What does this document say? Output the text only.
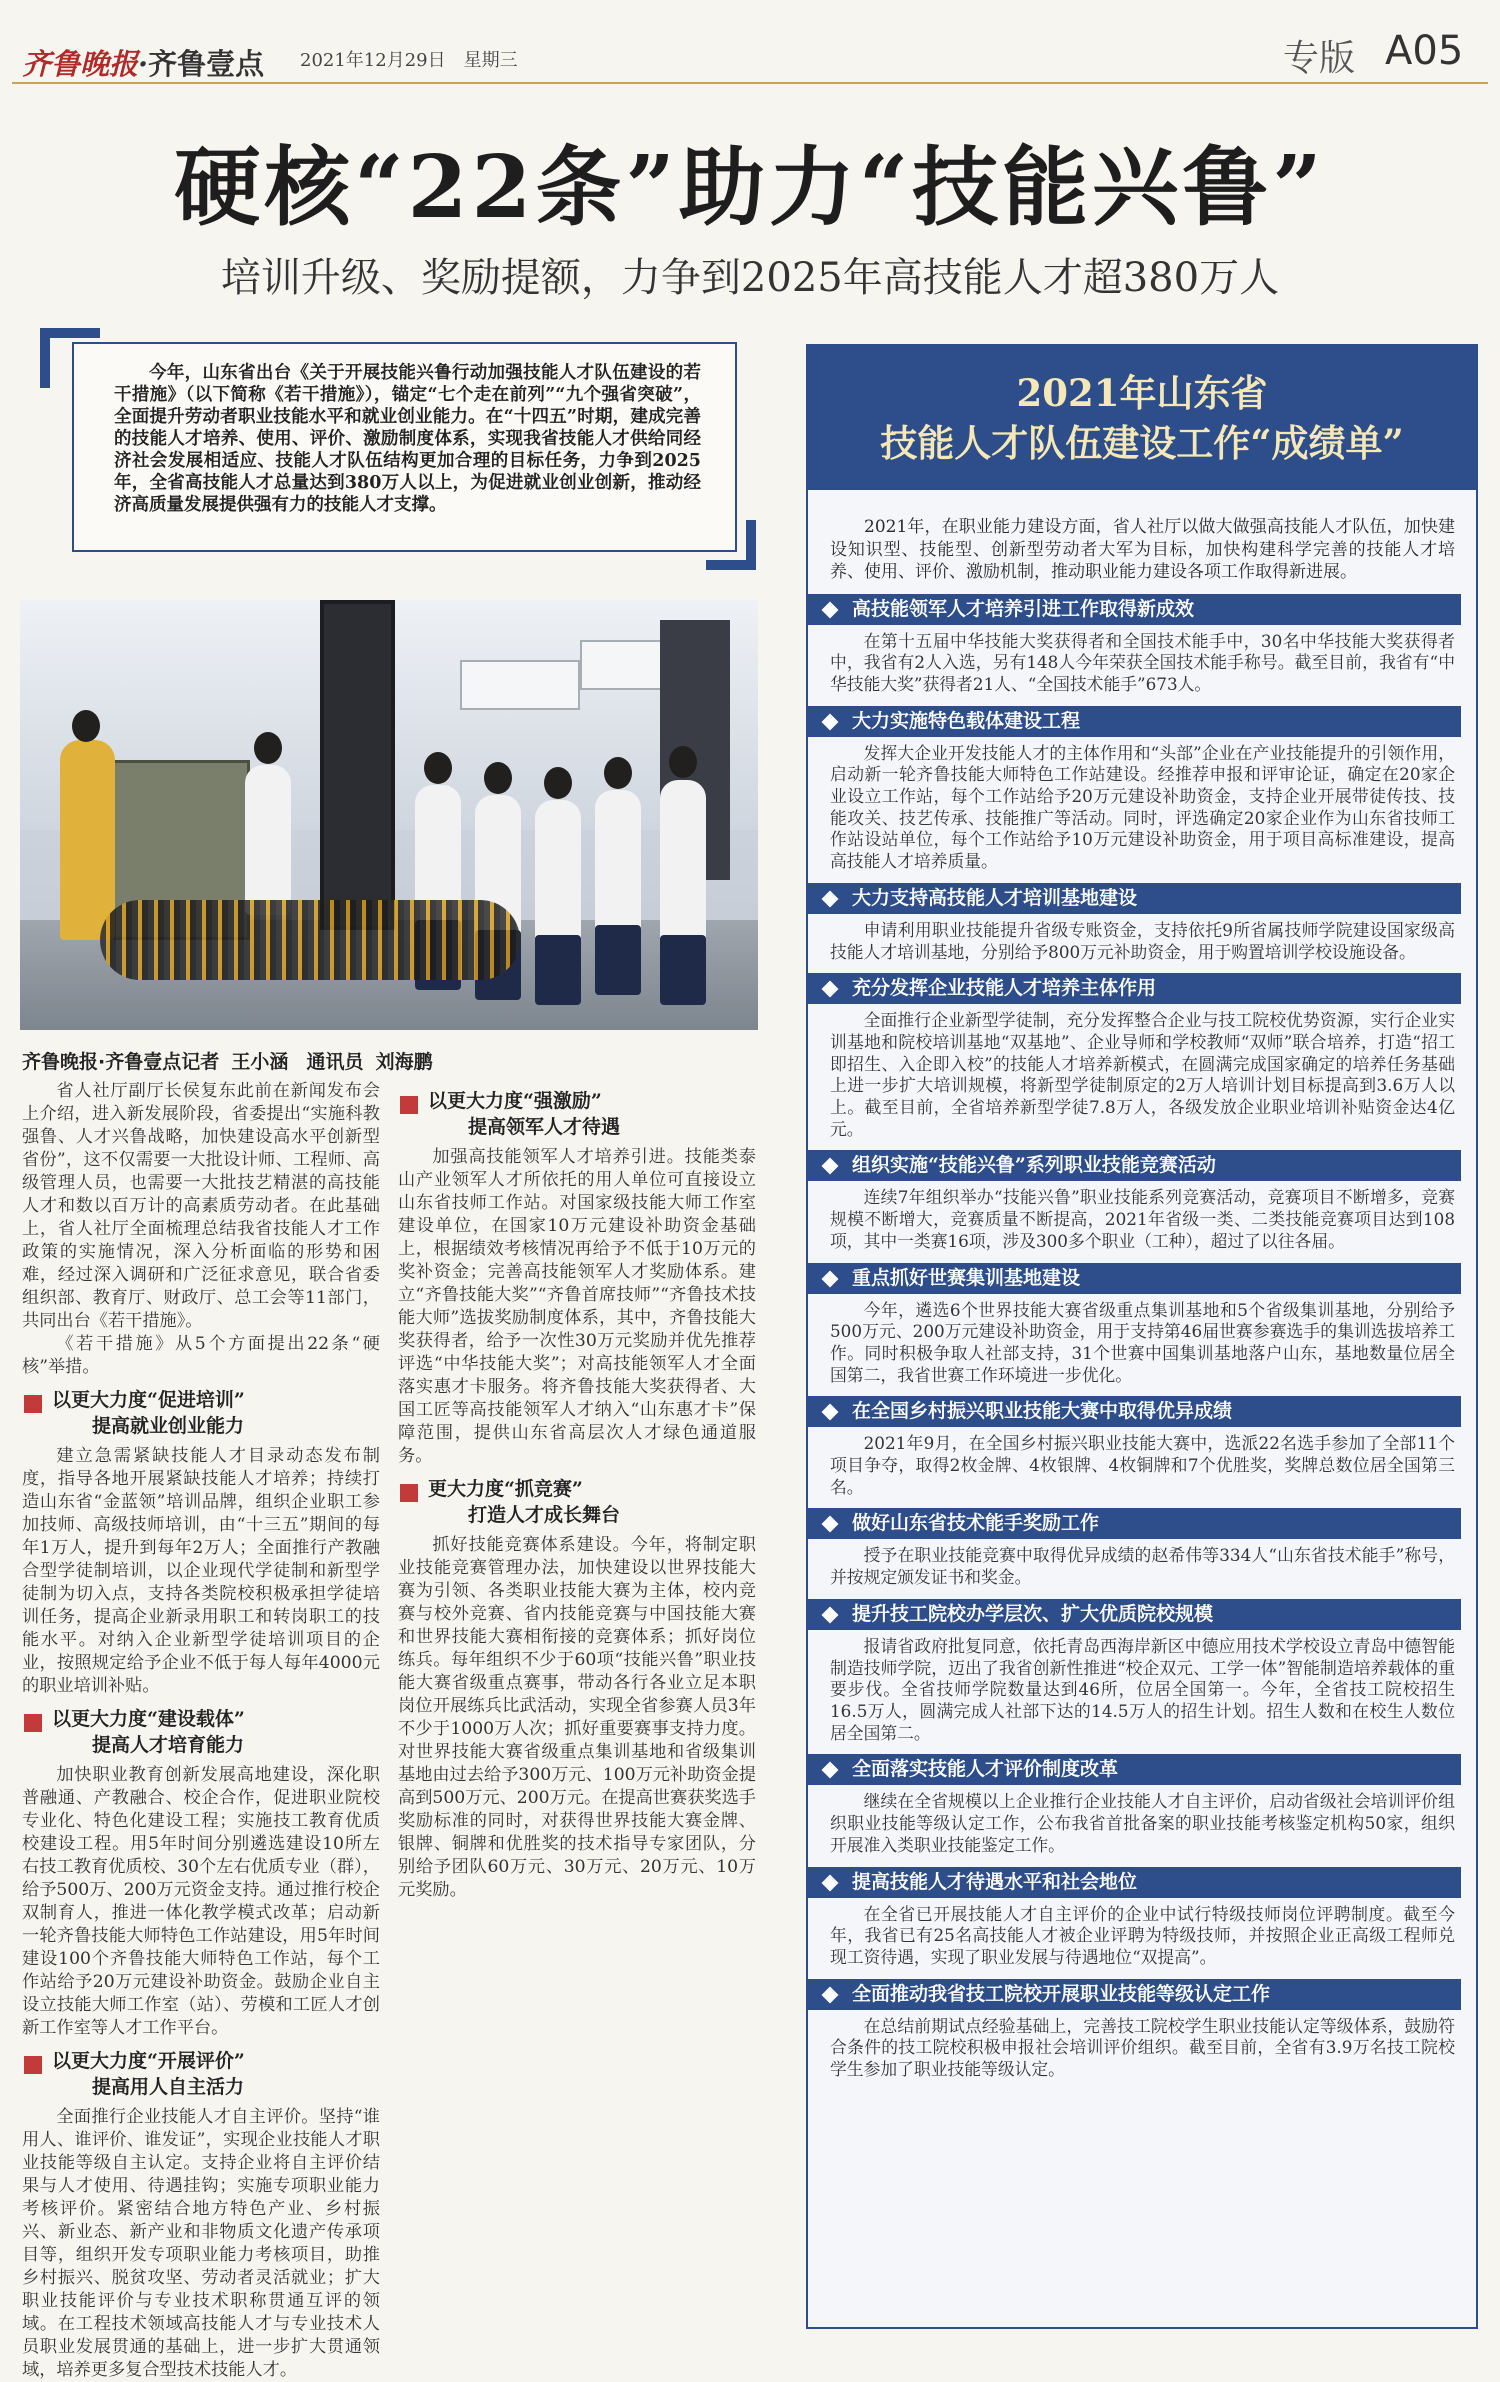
齐鲁晚报·齐鲁壹点 2021年12月29日　星期三	专版 A05
硬核“22条”助力“技能兴鲁”
培训升级、奖励提额，力争到2025年高技能人才超380万人

今年，山东省出台《关于开展技能兴鲁行动加强技能人才队伍建设的若干措施》（以下简称《若干措施》），锚定“七个走在前列”“九个强省突破”，全面提升劳动者职业技能水平和就业创业能力。在“十四五”时期，建成完善的技能人才培养、使用、评价、激励制度体系，实现我省技能人才供给同经济社会发展相适应、技能人才队伍结构更加合理的目标任务，力争到2025年，全省高技能人才总量达到380万人以上，为促进就业创业创新，推动经济高质量发展提供强有力的技能人才支撑。

齐鲁晚报·齐鲁壹点记者 王小涵 通讯员 刘海鹏

省人社厅副厅长侯复东此前在新闻发布会上介绍，进入新发展阶段，省委提出“实施科教强鲁、人才兴鲁战略，加快建设高水平创新型省份”，这不仅需要一大批设计师、工程师、高级管理人员，也需要一大批技艺精湛的高技能人才和数以百万计的高素质劳动者。在此基础上，省人社厅全面梳理总结我省技能人才工作政策的实施情况，深入分析面临的形势和困难，经过深入调研和广泛征求意见，联合省委组织部、教育厅、财政厅、总工会等11部门，共同出台《若干措施》。

《若干措施》从5个方面提出22条“硬核”举措。

以更大力度“促进培训”
提高就业创业能力

建立急需紧缺技能人才目录动态发布制度，指导各地开展紧缺技能人才培养；持续打造山东省“金蓝领”培训品牌，组织企业职工参加技师、高级技师培训，由“十三五”期间的每年1万人，提升到每年2万人；全面推行产教融合型学徒制培训，以企业现代学徒制和新型学徒制为切入点，支持各类院校积极承担学徒培训任务，提高企业新录用职工和转岗职工的技能水平。对纳入企业新型学徒培训项目的企业，按照规定给予企业不低于每人每年4000元的职业培训补贴。

以更大力度“建设载体”
提高人才培育能力

加快职业教育创新发展高地建设，深化职普融通、产教融合、校企合作，促进职业院校专业化、特色化建设工程；实施技工教育优质校建设工程。用5年时间分别遴选建设10所左右技工教育优质校、30个左右优质专业（群），给予500万、200万元资金支持。通过推行校企双制育人，推进一体化教学模式改革；启动新一轮齐鲁技能大师特色工作站建设，用5年时间建设100个齐鲁技能大师特色工作站，每个工作站给予20万元建设补助资金。鼓励企业自主设立技能大师工作室（站）、劳模和工匠人才创新工作室等人才工作平台。

以更大力度“开展评价”
提高用人自主活力

全面推行企业技能人才自主评价。坚持“谁用人、谁评价、谁发证”，实现企业技能人才职业技能等级自主认定。支持企业将自主评价结果与人才使用、待遇挂钩；实施专项职业能力考核评价。紧密结合地方特色产业、乡村振兴、新业态、新产业和非物质文化遗产传承项目等，组织开发专项职业能力考核项目，助推乡村振兴、脱贫攻坚、劳动者灵活就业；扩大职业技能评价与专业技术职称贯通互评的领域。在工程技术领域高技能人才与专业技术人员职业发展贯通的基础上，进一步扩大贯通领域，培养更多复合型技术技能人才。

以更大力度“强激励”
提高领军人才待遇

加强高技能领军人才培养引进。技能类泰山产业领军人才所依托的用人单位可直接设立山东省技师工作站。对国家级技能大师工作室建设单位，在国家10万元建设补助资金基础上，根据绩效考核情况再给予不低于10万元的奖补资金；完善高技能领军人才奖励体系。建立“齐鲁技能大奖”“齐鲁首席技师”“齐鲁技术技能大师”选拔奖励制度体系，其中，齐鲁技能大奖获得者，给予一次性30万元奖励并优先推荐评选“中华技能大奖”；对高技能领军人才全面落实惠才卡服务。将齐鲁技能大奖获得者、大国工匠等高技能领军人才纳入“山东惠才卡”保障范围，提供山东省高层次人才绿色通道服务。

更大力度“抓竞赛”
打造人才成长舞台

抓好技能竞赛体系建设。今年，将制定职业技能竞赛管理办法，加快建设以世界技能大赛为引领、各类职业技能大赛为主体，校内竞赛与校外竞赛、省内技能竞赛与中国技能大赛和世界技能大赛相衔接的竞赛体系；抓好岗位练兵。每年组织不少于60项“技能兴鲁”职业技能大赛省级重点赛事，带动各行各业立足本职岗位开展练兵比武活动，实现全省参赛人员3年不少于1000万人次；抓好重要赛事支持力度。对世界技能大赛省级重点集训基地和省级集训基地由过去给予300万元、100万元补助资金提高到500万元、200万元。在提高世赛获奖选手奖励标准的同时，对获得世界技能大赛金牌、银牌、铜牌和优胜奖的技术指导专家团队，分别给予团队60万元、30万元、20万元、10万元奖励。

2021年山东省
技能人才队伍建设工作“成绩单”

2021年，在职业能力建设方面，省人社厅以做大做强高技能人才队伍，加快建设知识型、技能型、创新型劳动者大军为目标，加快构建科学完善的技能人才培养、使用、评价、激励机制，推动职业能力建设各项工作取得新进展。

高技能领军人才培养引进工作取得新成效

在第十五届中华技能大奖获得者和全国技术能手中，30名中华技能大奖获得者中，我省有2人入选，另有148人今年荣获全国技术能手称号。截至目前，我省有“中华技能大奖”获得者21人、“全国技术能手”673人。

大力实施特色载体建设工程

发挥大企业开发技能人才的主体作用和“头部”企业在产业技能提升的引领作用，启动新一轮齐鲁技能大师特色工作站建设。经推荐申报和评审论证，确定在20家企业设立工作站，每个工作站给予20万元建设补助资金，支持企业开展带徒传技、技能攻关、技艺传承、技能推广等活动。同时，评选确定20家企业作为山东省技师工作站设站单位，每个工作站给予10万元建设补助资金，用于项目高标准建设，提高高技能人才培养质量。

大力支持高技能人才培训基地建设

申请利用职业技能提升省级专账资金，支持依托9所省属技师学院建设国家级高技能人才培训基地，分别给予800万元补助资金，用于购置培训学校设施设备。

充分发挥企业技能人才培养主体作用

全面推行企业新型学徒制，充分发挥整合企业与技工院校优势资源，实行企业实训基地和院校培训基地“双基地”、企业导师和学校教师“双师”联合培养，打造“招工即招生、入企即入校”的技能人才培养新模式，在圆满完成国家确定的培养任务基础上进一步扩大培训规模，将新型学徒制原定的2万人培训计划目标提高到3.6万人以上。截至目前，全省培养新型学徒7.8万人，各级发放企业职业培训补贴资金达4亿元。

组织实施“技能兴鲁”系列职业技能竞赛活动

连续7年组织举办“技能兴鲁”职业技能系列竞赛活动，竞赛项目不断增多，竞赛规模不断增大，竞赛质量不断提高，2021年省级一类、二类技能竞赛项目达到108项，其中一类赛16项，涉及300多个职业（工种），超过了以往各届。

重点抓好世赛集训基地建设

今年，遴选6个世界技能大赛省级重点集训基地和5个省级集训基地，分别给予500万元、200万元建设补助资金，用于支持第46届世赛参赛选手的集训选拔培养工作。同时积极争取人社部支持，31个世赛中国集训基地落户山东，基地数量位居全国第二，我省世赛工作环境进一步优化。

在全国乡村振兴职业技能大赛中取得优异成绩

2021年9月，在全国乡村振兴职业技能大赛中，选派22名选手参加了全部11个项目争夺，取得2枚金牌、4枚银牌、4枚铜牌和7个优胜奖，奖牌总数位居全国第三名。

做好山东省技术能手奖励工作

授予在职业技能竞赛中取得优异成绩的赵希伟等334人“山东省技术能手”称号，并按规定颁发证书和奖金。

提升技工院校办学层次、扩大优质院校规模

报请省政府批复同意，依托青岛西海岸新区中德应用技术学校设立青岛中德智能制造技师学院，迈出了我省创新性推进“校企双元、工学一体”智能制造培养载体的重要步伐。全省技师学院数量达到46所，位居全国第一。今年，全省技工院校招生16.5万人，圆满完成人社部下达的14.5万人的招生计划。招生人数和在校生人数位居全国第二。

全面落实技能人才评价制度改革

继续在全省规模以上企业推行企业技能人才自主评价，启动省级社会培训评价组织职业技能等级认定工作，公布我省首批备案的职业技能考核鉴定机构50家，组织开展准入类职业技能鉴定工作。

提高技能人才待遇水平和社会地位

在全省已开展技能人才自主评价的企业中试行特级技师岗位评聘制度。截至今年，我省已有25名高技能人才被企业评聘为特级技师，并按照企业正高级工程师兑现工资待遇，实现了职业发展与待遇地位“双提高”。

全面推动我省技工院校开展职业技能等级认定工作

在总结前期试点经验基础上，完善技工院校学生职业技能认定等级体系，鼓励符合条件的技工院校积极申报社会培训评价组织。截至目前，全省有3.9万名技工院校学生参加了职业技能等级认定。
